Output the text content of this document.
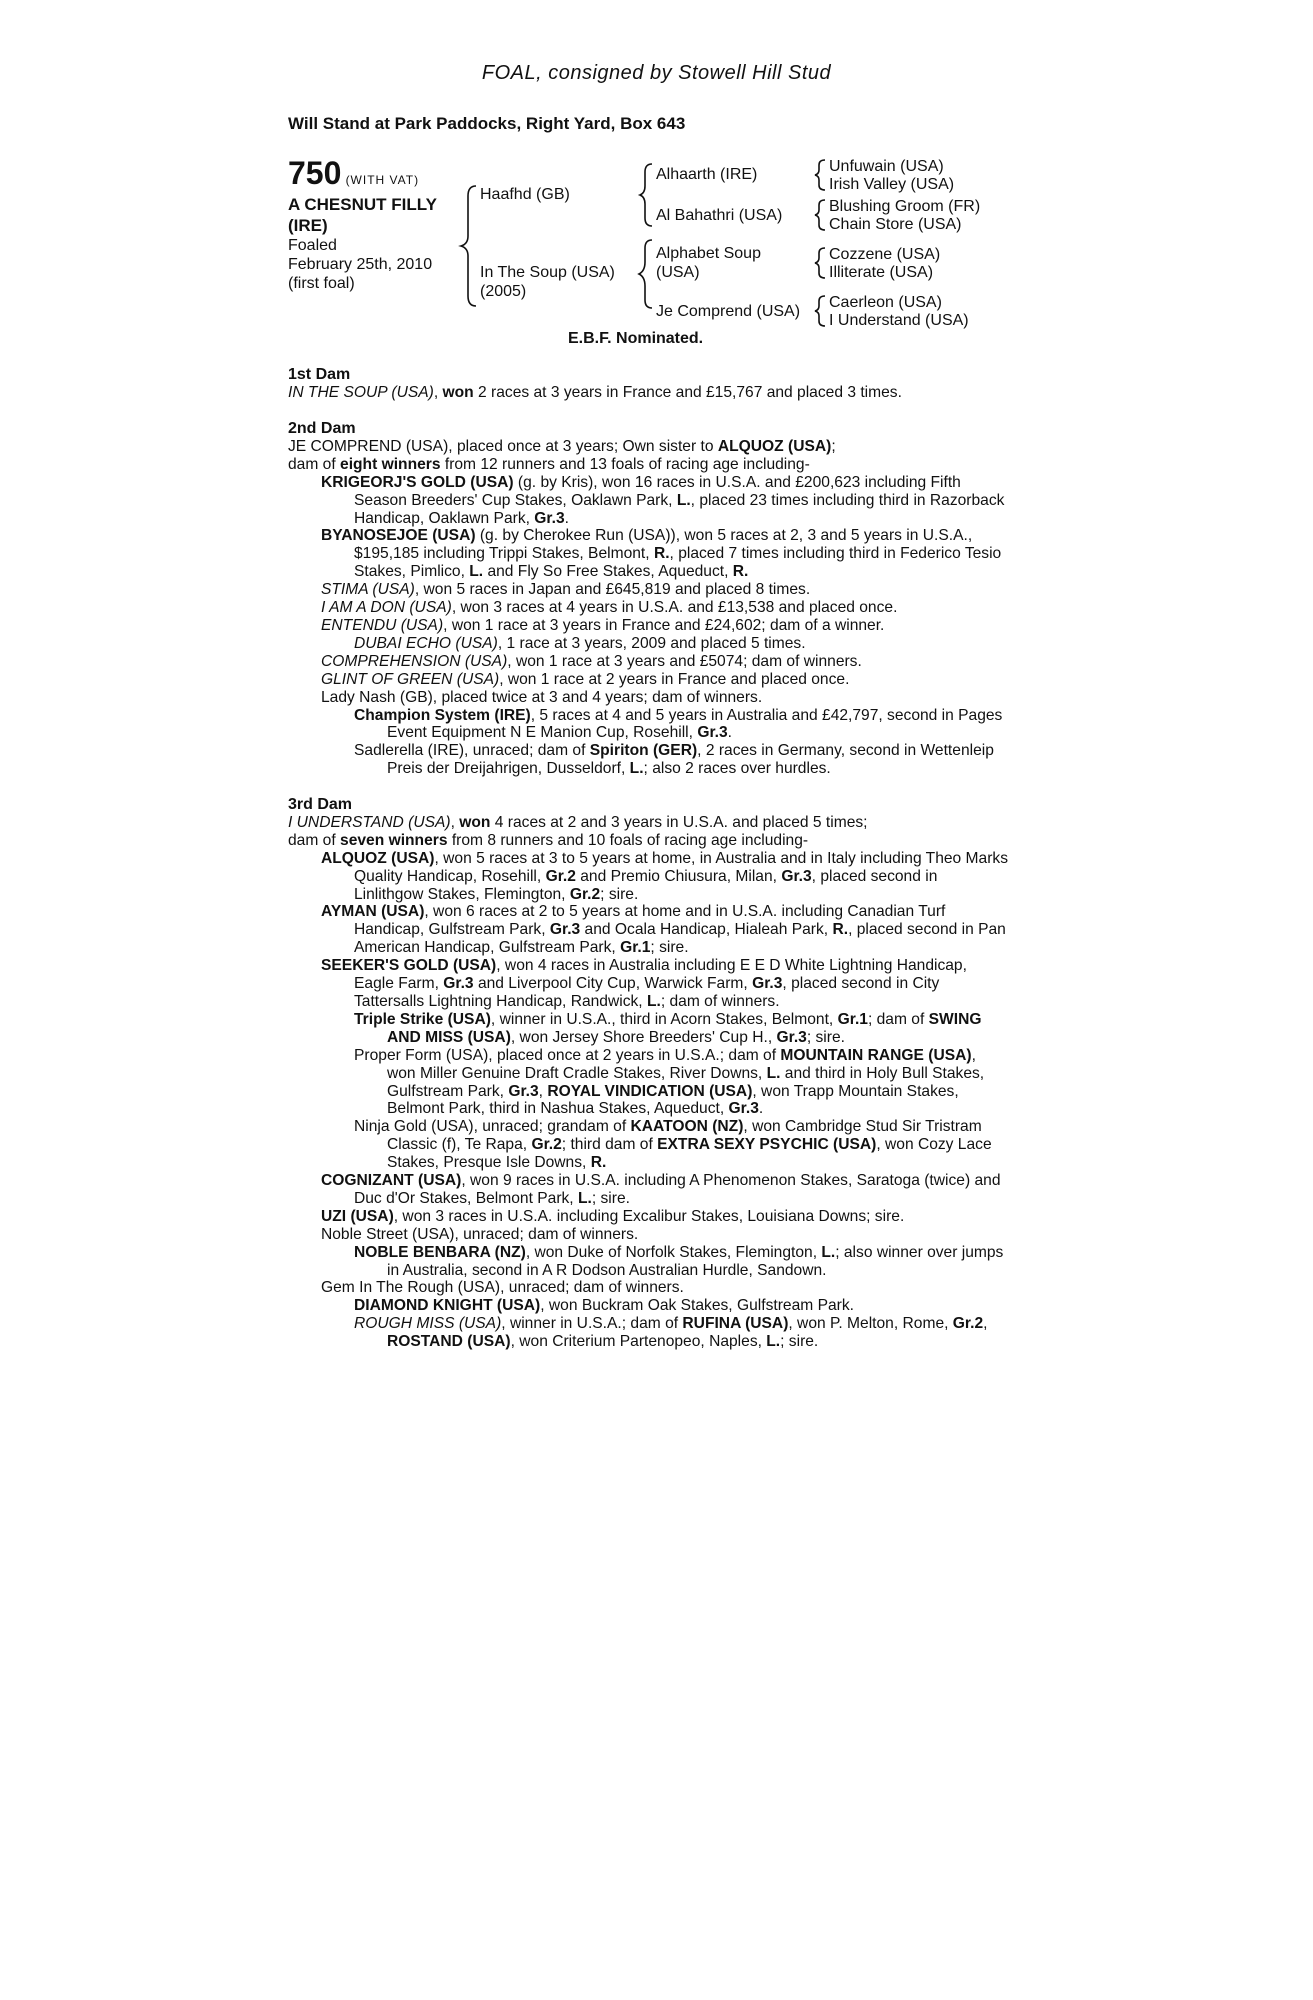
FOAL, consigned by Stowell Hill Stud
Will Stand at Park Paddocks, Right Yard, Box 643
750 (WITH VAT)
A CHESNUT FILLY
(IRE)
Foaled
February 25th, 2010
(first foal)
Haafhd (GB)
In The Soup (USA)
(2005)
Alhaarth (IRE)
Al Bahathri (USA)
Alphabet Soup
(USA)
Je Comprend (USA)
Unfuwain (USA)
Irish Valley (USA)
Blushing Groom (FR)
Chain Store (USA)
Cozzene (USA)
Illiterate (USA)
Caerleon (USA)
I Understand (USA)
E.B.F. Nominated.
1st Dam
IN THE SOUP (USA), won 2 races at 3 years in France and £15,767 and placed 3 times.
2nd Dam
JE COMPREND (USA), placed once at 3 years; Own sister to ALQUOZ (USA);
dam of eight winners from 12 runners and 13 foals of racing age including-
KRIGEORJ'S GOLD (USA) (g. by Kris), won 16 races in U.S.A. and £200,623 including Fifth Season Breeders' Cup Stakes, Oaklawn Park, L., placed 23 times including third in Razorback Handicap, Oaklawn Park, Gr.3.
BYANOSEJOE (USA) (g. by Cherokee Run (USA)), won 5 races at 2, 3 and 5 years in U.S.A., $195,185 including Trippi Stakes, Belmont, R., placed 7 times including third in Federico Tesio Stakes, Pimlico, L. and Fly So Free Stakes, Aqueduct, R.
STIMA (USA), won 5 races in Japan and £645,819 and placed 8 times.
I AM A DON (USA), won 3 races at 4 years in U.S.A. and £13,538 and placed once.
ENTENDU (USA), won 1 race at 3 years in France and £24,602; dam of a winner.
DUBAI ECHO (USA), 1 race at 3 years, 2009 and placed 5 times.
COMPREHENSION (USA), won 1 race at 3 years and £5074; dam of winners.
GLINT OF GREEN (USA), won 1 race at 2 years in France and placed once.
Lady Nash (GB), placed twice at 3 and 4 years; dam of winners.
Champion System (IRE), 5 races at 4 and 5 years in Australia and £42,797, second in Pages Event Equipment N E Manion Cup, Rosehill, Gr.3.
Sadlerella (IRE), unraced; dam of Spiriton (GER), 2 races in Germany, second in Wettenleip Preis der Dreijahrigen, Dusseldorf, L.; also 2 races over hurdles.
3rd Dam
I UNDERSTAND (USA), won 4 races at 2 and 3 years in U.S.A. and placed 5 times;
dam of seven winners from 8 runners and 10 foals of racing age including-
ALQUOZ (USA), won 5 races at 3 to 5 years at home, in Australia and in Italy including Theo Marks Quality Handicap, Rosehill, Gr.2 and Premio Chiusura, Milan, Gr.3, placed second in Linlithgow Stakes, Flemington, Gr.2; sire.
AYMAN (USA), won 6 races at 2 to 5 years at home and in U.S.A. including Canadian Turf Handicap, Gulfstream Park, Gr.3 and Ocala Handicap, Hialeah Park, R., placed second in Pan American Handicap, Gulfstream Park, Gr.1; sire.
SEEKER'S GOLD (USA), won 4 races in Australia including E E D White Lightning Handicap, Eagle Farm, Gr.3 and Liverpool City Cup, Warwick Farm, Gr.3, placed second in City Tattersalls Lightning Handicap, Randwick, L.; dam of winners.
Triple Strike (USA), winner in U.S.A., third in Acorn Stakes, Belmont, Gr.1; dam of SWING AND MISS (USA), won Jersey Shore Breeders' Cup H., Gr.3; sire.
Proper Form (USA), placed once at 2 years in U.S.A.; dam of MOUNTAIN RANGE (USA), won Miller Genuine Draft Cradle Stakes, River Downs, L. and third in Holy Bull Stakes, Gulfstream Park, Gr.3, ROYAL VINDICATION (USA), won Trapp Mountain Stakes, Belmont Park, third in Nashua Stakes, Aqueduct, Gr.3.
Ninja Gold (USA), unraced; grandam of KAATOON (NZ), won Cambridge Stud Sir Tristram Classic (f), Te Rapa, Gr.2; third dam of EXTRA SEXY PSYCHIC (USA), won Cozy Lace Stakes, Presque Isle Downs, R.
COGNIZANT (USA), won 9 races in U.S.A. including A Phenomenon Stakes, Saratoga (twice) and Duc d'Or Stakes, Belmont Park, L.; sire.
UZI (USA), won 3 races in U.S.A. including Excalibur Stakes, Louisiana Downs; sire.
Noble Street (USA), unraced; dam of winners.
NOBLE BENBARA (NZ), won Duke of Norfolk Stakes, Flemington, L.; also winner over jumps in Australia, second in A R Dodson Australian Hurdle, Sandown.
Gem In The Rough (USA), unraced; dam of winners.
DIAMOND KNIGHT (USA), won Buckram Oak Stakes, Gulfstream Park.
ROUGH MISS (USA), winner in U.S.A.; dam of RUFINA (USA), won P. Melton, Rome, Gr.2, ROSTAND (USA), won Criterium Partenopeo, Naples, L.; sire.
